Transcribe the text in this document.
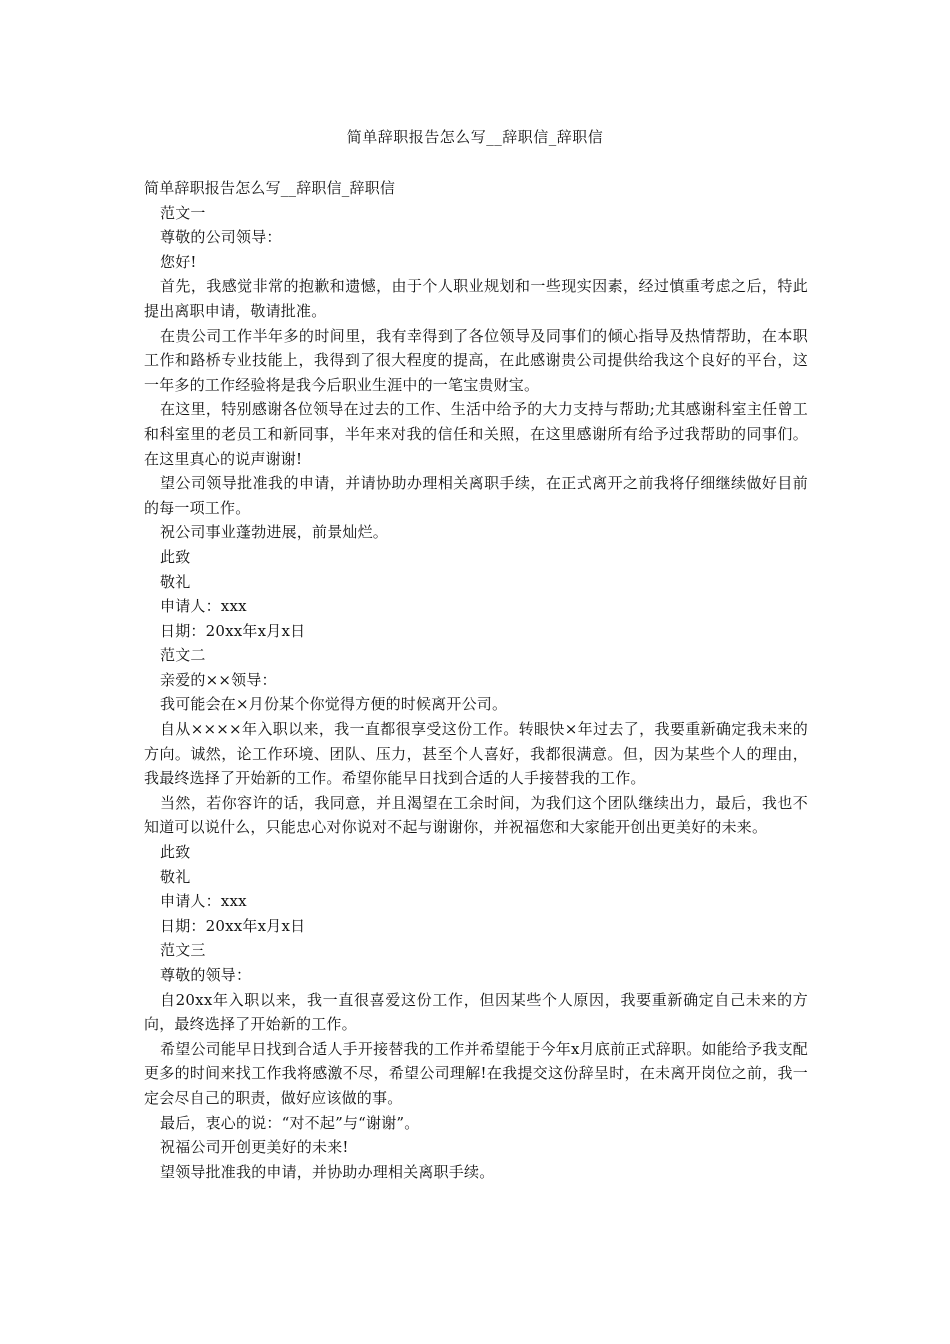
简单辞职报告怎么写__辞职信_辞职信

简单辞职报告怎么写__辞职信_辞职信

范文一

尊敬的公司领导：

您好!

首先，我感觉非常的抱歉和遗憾，由于个人职业规划和一些现实因素，经过慎重考虑之后，特此提出离职申请，敬请批准。

在贵公司工作半年多的时间里，我有幸得到了各位领导及同事们的倾心指导及热情帮助，在本职工作和路桥专业技能上，我得到了很大程度的提高，在此感谢贵公司提供给我这个良好的平台，这一年多的工作经验将是我今后职业生涯中的一笔宝贵财宝。

在这里，特别感谢各位领导在过去的工作、生活中给予的大力支持与帮助;尤其感谢科室主任曾工和科室里的老员工和新同事，半年来对我的信任和关照，在这里感谢所有给予过我帮助的同事们。在这里真心的说声谢谢!

望公司领导批准我的申请，并请协助办理相关离职手续，在正式离开之前我将仔细继续做好目前的每一项工作。

祝公司事业蓬勃进展，前景灿烂。

此致

敬礼

申请人：xxx

日期：20xx年x月x日

范文二

亲爱的××领导：

我可能会在×月份某个你觉得方便的时候离开公司。

自从××××年入职以来，我一直都很享受这份工作。转眼快×年过去了，我要重新确定我未来的方向。诚然，论工作环境、团队、压力，甚至个人喜好，我都很满意。但，因为某些个人的理由，我最终选择了开始新的工作。希望你能早日找到合适的人手接替我的工作。

当然，若你容许的话，我同意，并且渴望在工余时间，为我们这个团队继续出力，最后，我也不知道可以说什么，只能忠心对你说对不起与谢谢你，并祝福您和大家能开创出更美好的未来。

此致

敬礼

申请人：xxx

日期：20xx年x月x日

范文三

尊敬的领导：

自20xx年入职以来，我一直很喜爱这份工作，但因某些个人原因，我要重新确定自己未来的方向，最终选择了开始新的工作。

希望公司能早日找到合适人手开接替我的工作并希望能于今年x月底前正式辞职。如能给予我支配更多的时间来找工作我将感激不尽，希望公司理解!在我提交这份辞呈时，在未离开岗位之前，我一定会尽自己的职责，做好应该做的事。

最后，衷心的说：“对不起”与“谢谢”。

祝福公司开创更美好的未来!

望领导批准我的申请，并协助办理相关离职手续。
